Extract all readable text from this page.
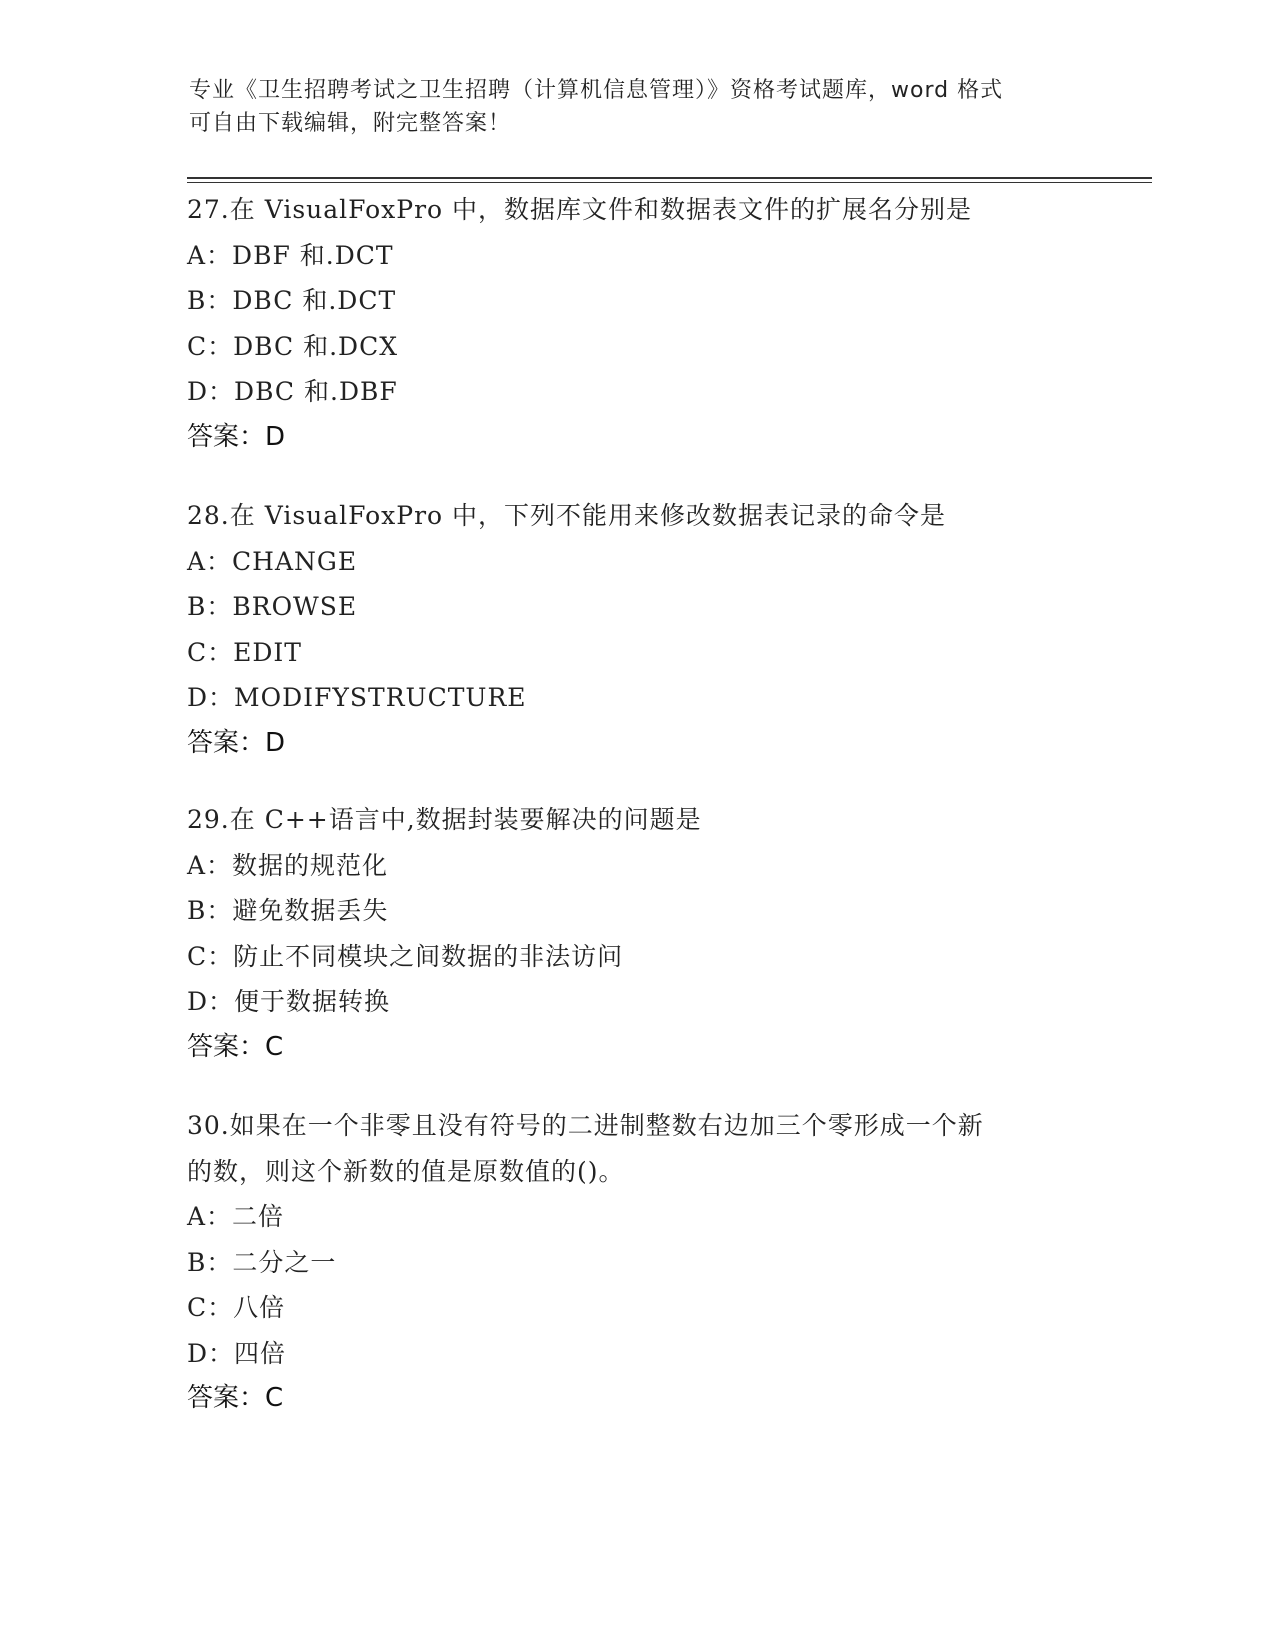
专业《卫生招聘考试之卫生招聘（计算机信息管理）》资格考试题库，word 格式
可自由下载编辑，附完整答案！
27.在 VisualFoxPro 中，数据库文件和数据表文件的扩展名分别是
A：DBF 和.DCT
B：DBC 和.DCT
C：DBC 和.DCX
D：DBC 和.DBF
答案：D
28.在 VisualFoxPro 中，下列不能用来修改数据表记录的命令是
A：CHANGE
B：BROWSE
C：EDIT
D：MODIFYSTRUCTURE
答案：D
29.在 C++语言中,数据封装要解决的问题是
A：数据的规范化
B：避免数据丢失
C：防止不同模块之间数据的非法访问
D：便于数据转换
答案：C
30.如果在一个非零且没有符号的二进制整数右边加三个零形成一个新
的数，则这个新数的值是原数值的()。
A：二倍
B：二分之一
C：八倍
D：四倍
答案：C
